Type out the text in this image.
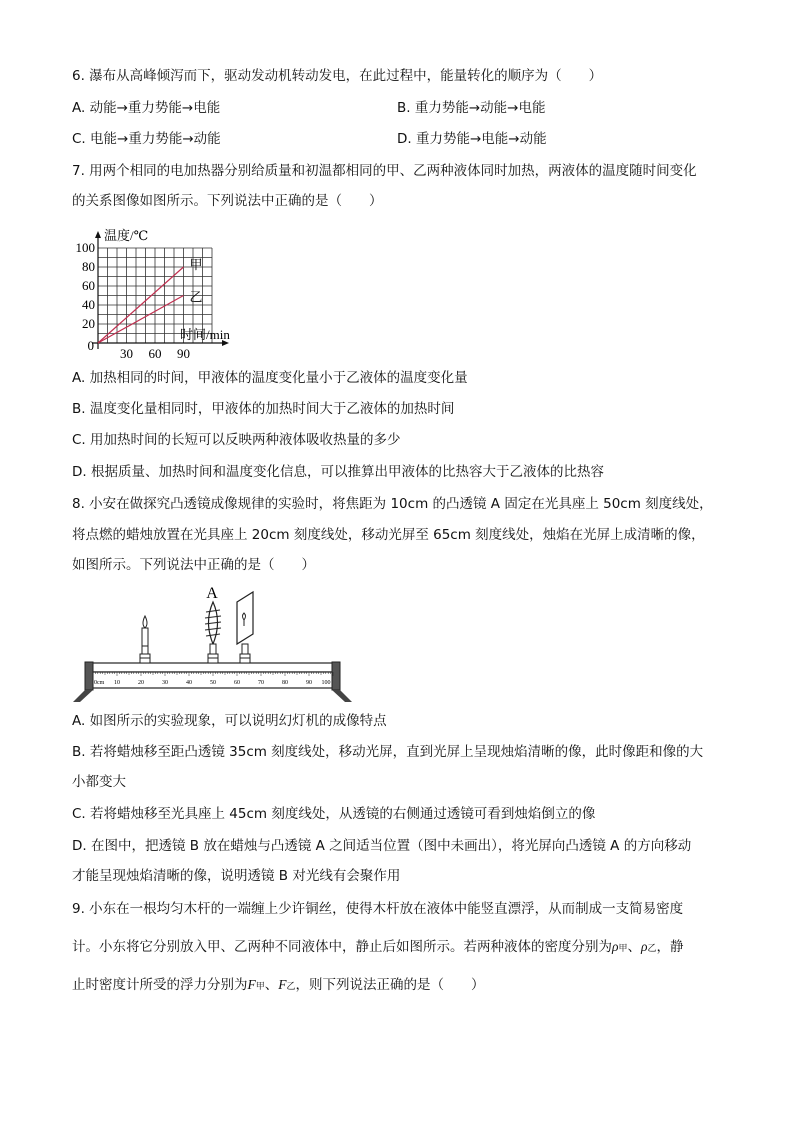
6. 瀑布从高峰倾泻而下，驱动发动机转动发电，在此过程中，能量转化的顺序为（　　）
A. 动能→重力势能→电能	B. 重力势能→动能→电能
C. 电能→重力势能→动能	D. 重力势能→电能→动能
7. 用两个相同的电加热器分别给质量和初温都相同的甲、乙两种液体同时加热，两液体的温度随时间变化
的关系图像如图所示。下列说法中正确的是（　　）
甲
乙
100
80
60
40
20
0
30 60 90
温度/℃
时间/min
A. 加热相同的时间，甲液体的温度变化量小于乙液体的温度变化量
B. 温度变化量相同时，甲液体的加热时间大于乙液体的加热时间
C. 用加热时间的长短可以反映两种液体吸收热量的多少
D. 根据质量、加热时间和温度变化信息，可以推算出甲液体的比热容大于乙液体的比热容
8. 小安在做探究凸透镜成像规律的实验时，将焦距为 10cm 的凸透镜 A 固定在光具座上 50cm 刻度线处，
将点燃的蜡烛放置在光具座上 20cm 刻度线处，移动光屏至 65cm 刻度线处，烛焰在光屏上成清晰的像，
如图所示。下列说法中正确的是（　　）
0cm 10	20	30	40	50	60	70	80	90 100
A
A. 如图所示的实验现象，可以说明幻灯机的成像特点
B. 若将蜡烛移至距凸透镜 35cm 刻度线处，移动光屏，直到光屏上呈现烛焰清晰的像，此时像距和像的大
小都变大
C. 若将蜡烛移至光具座上 45cm 刻度线处，从透镜的右侧通过透镜可看到烛焰倒立的像
D. 在图中，把透镜 B 放在蜡烛与凸透镜 A 之间适当位置（图中未画出），将光屏向凸透镜 A 的方向移动
才能呈现烛焰清晰的像，说明透镜 B 对光线有会聚作用
9. 小东在一根均匀木杆的一端缠上少许铜丝，使得木杆放在液体中能竖直漂浮，从而制成一支简易密度
计。小东将它分别放入甲、乙两种不同液体中，静止后如图所示。若两种液体的密度分别为ρ甲、ρ乙，静
止时密度计所受的浮力分别为F甲、F乙，则下列说法正确的是（　　）
